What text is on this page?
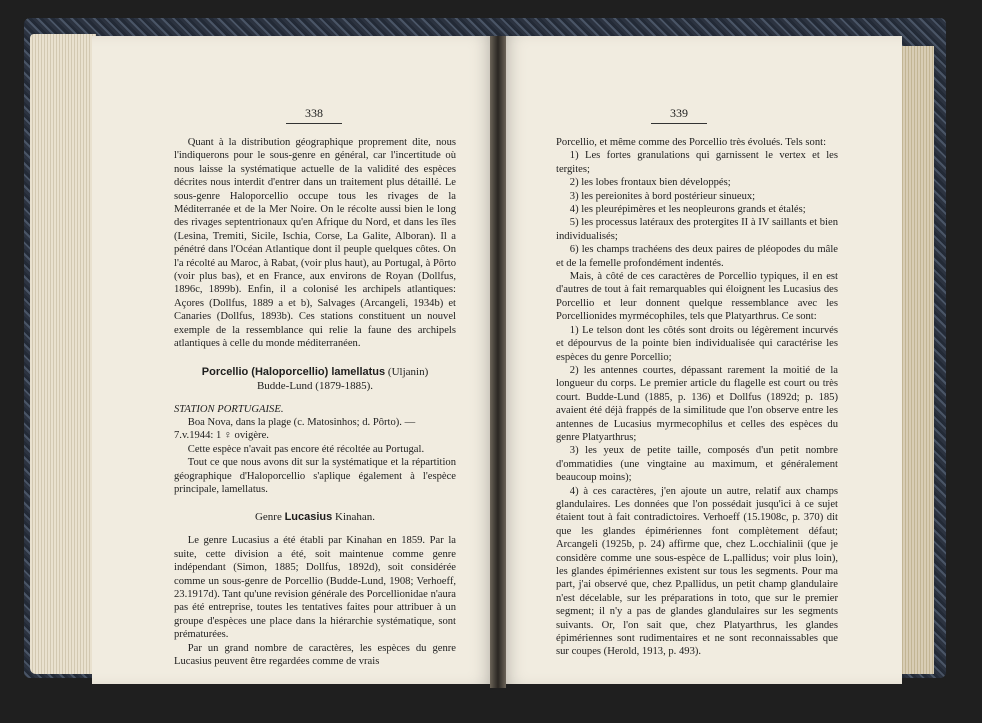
338

Quant à la distribution géographique proprement dite, nous l'indiquerons pour le sous-genre en général, car l'incertitude où nous laisse la systématique actuelle de la validité des espèces décrites nous interdit d'entrer dans un traitement plus détaillé. Le sous-genre Haloporcellio occupe tous les rivages de la Méditerranée et de la Mer Noire. On le récolte aussi bien le long des rivages septentrionaux qu'en Afrique du Nord, et dans les îles (Lesina, Tremiti, Sicile, Ischia, Corse, La Galite, Alboran). Il a pénétré dans l'Océan Atlantique dont il peuple quelques côtes. On l'a récolté au Maroc, à Rabat, (voir plus haut), au Portugal, à Pôrto (voir plus bas), et en France, aux environs de Royan (Dollfus, 1896c, 1899b). Enfin, il a colonisé les archipels atlantiques: Açores (Dollfus, 1889 a et b), Salvages (Arcangeli, 1934b) et Canaries (Dollfus, 1893b). Ces stations constituent un nouvel exemple de la ressemblance qui relie la faune des archipels atlantiques à celle du monde méditerranéen.

Porcellio (Haloporcellio) lamellatus (Uljanin)
Budde-Lund (1879-1885).

STATION PORTUGAISE.

Boa Nova, dans la plage (c. Matosinhos; d. Pôrto). —

7.v.1944: 1 ♀ ovigère.

Cette espèce n'avait pas encore été récoltée au Portugal.

Tout ce que nous avons dit sur la systématique et la répartition géographique d'Haloporcellio s'aplique également à l'espèce principale, lamellatus.

Genre Lucasius Kinahan.

Le genre Lucasius a été établi par Kinahan en 1859. Par la suite, cette division a été, soit maintenue comme genre indépendant (Simon, 1885; Dollfus, 1892d), soit considérée comme un sous-genre de Porcellio (Budde-Lund, 1908; Verhoeff, 23.1917d). Tant qu'une revision générale des Porcellionidae n'aura pas été entreprise, toutes les tentatives faites pour attribuer à un groupe d'espèces une place dans la hiérarchie systématique, sont prématurées.

Par un grand nombre de caractères, les espèces du genre Lucasius peuvent être regardées comme de vrais

339

Porcellio, et même comme des Porcellio très évolués. Tels sont:

1) Les fortes granulations qui garnissent le vertex et les tergites;

2) les lobes frontaux bien développés;

3) les pereionites à bord postérieur sinueux;

4) les pleurépimères et les neopleurons grands et étalés;

5) les processus latéraux des protergites II à IV saillants et bien individualisés;

6) les champs trachéens des deux paires de pléopodes du mâle et de la femelle profondément indentés.

Mais, à côté de ces caractères de Porcellio typiques, il en est d'autres de tout à fait remarquables qui éloignent les Lucasius des Porcellio et leur donnent quelque ressemblance avec les Porcellionides myrmécophiles, tels que Platyarthrus. Ce sont:

1) Le telson dont les côtés sont droits ou légèrement incurvés et dépourvus de la pointe bien individualisée qui caractérise les espèces du genre Porcellio;

2) les antennes courtes, dépassant rarement la moitié de la longueur du corps. Le premier article du flagelle est court ou très court. Budde-Lund (1885, p. 136) et Dollfus (1892d; p. 185) avaient été déjà frappés de la similitude que l'on observe entre les antennes de Lucasius myrmecophilus et celles des espèces du genre Platyarthrus;

3) les yeux de petite taille, composés d'un petit nombre d'ommatidies (une vingtaine au maximum, et généralement beaucoup moins);

4) à ces caractères, j'en ajoute un autre, relatif aux champs glandulaires. Les données que l'on possédait jusqu'ici à ce sujet étaient tout à fait contradictoires. Verhoeff (15.1908c, p. 370) dit que les glandes épimériennes font complètement défaut; Arcangeli (1925b, p. 24) affirme que, chez L.occhialinii (que je considère comme une sous-espèce de L.pallidus; voir plus loin), les glandes épimériennes existent sur tous les segments. Pour ma part, j'ai observé que, chez P.pallidus, un petit champ glandulaire n'est décelable, sur les préparations in toto, que sur le premier segment; il n'y a pas de glandes glandulaires sur les segments suivants. Or, l'on sait que, chez Platyarthrus, les glandes épimériennes sont rudimentaires et ne sont reconnaissables que sur coupes (Herold, 1913, p. 493).
